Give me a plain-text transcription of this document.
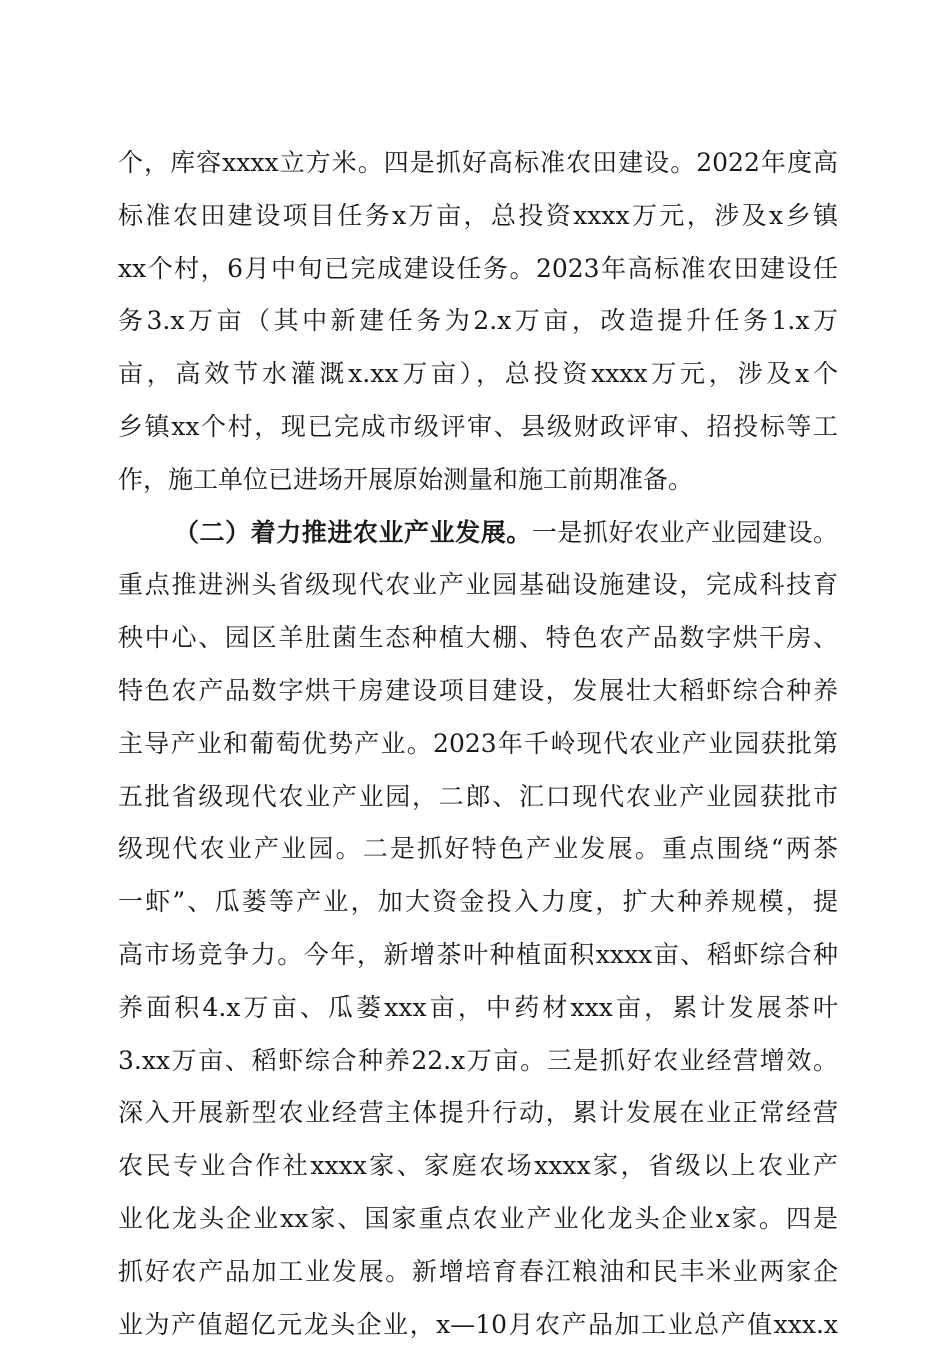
个，库容xxxx立方米。四是抓好高标准农田建设。2022年度高
标准农田建设项目任务x万亩，总投资xxxx万元，涉及x乡镇
xx个村，6月中旬已完成建设任务。2023年高标准农田建设任
务3.x万亩（其中新建任务为2.x万亩，改造提升任务1.x万
亩，高效节水灌溉x.xx万亩），总投资xxxx万元，涉及x个
乡镇xx个村，现已完成市级评审、县级财政评审、招投标等工
作，施工单位已进场开展原始测量和施工前期准备。
（二）着力推进农业产业发展。一是抓好农业产业园建设。
重点推进洲头省级现代农业产业园基础设施建设，完成科技育
秧中心、园区羊肚菌生态种植大棚、特色农产品数字烘干房、
特色农产品数字烘干房建设项目建设，发展壮大稻虾综合种养
主导产业和葡萄优势产业。2023年千岭现代农业产业园获批第
五批省级现代农业产业园，二郎、汇口现代农业产业园获批市
级现代农业产业园。二是抓好特色产业发展。重点围绕“两茶
一虾”、瓜蒌等产业，加大资金投入力度，扩大种养规模，提
高市场竞争力。今年，新增茶叶种植面积xxxx亩、稻虾综合种
养面积4.x万亩、瓜蒌xxx亩，中药材xxx亩，累计发展茶叶
3.xx万亩、稻虾综合种养22.x万亩。三是抓好农业经营增效。
深入开展新型农业经营主体提升行动，累计发展在业正常经营
农民专业合作社xxxx家、家庭农场xxxx家，省级以上农业产
业化龙头企业xx家、国家重点农业产业化龙头企业x家。四是
抓好农产品加工业发展。新增培育春江粮油和民丰米业两家企
业为产值超亿元龙头企业，x—10月农产品加工业总产值xxx.x
